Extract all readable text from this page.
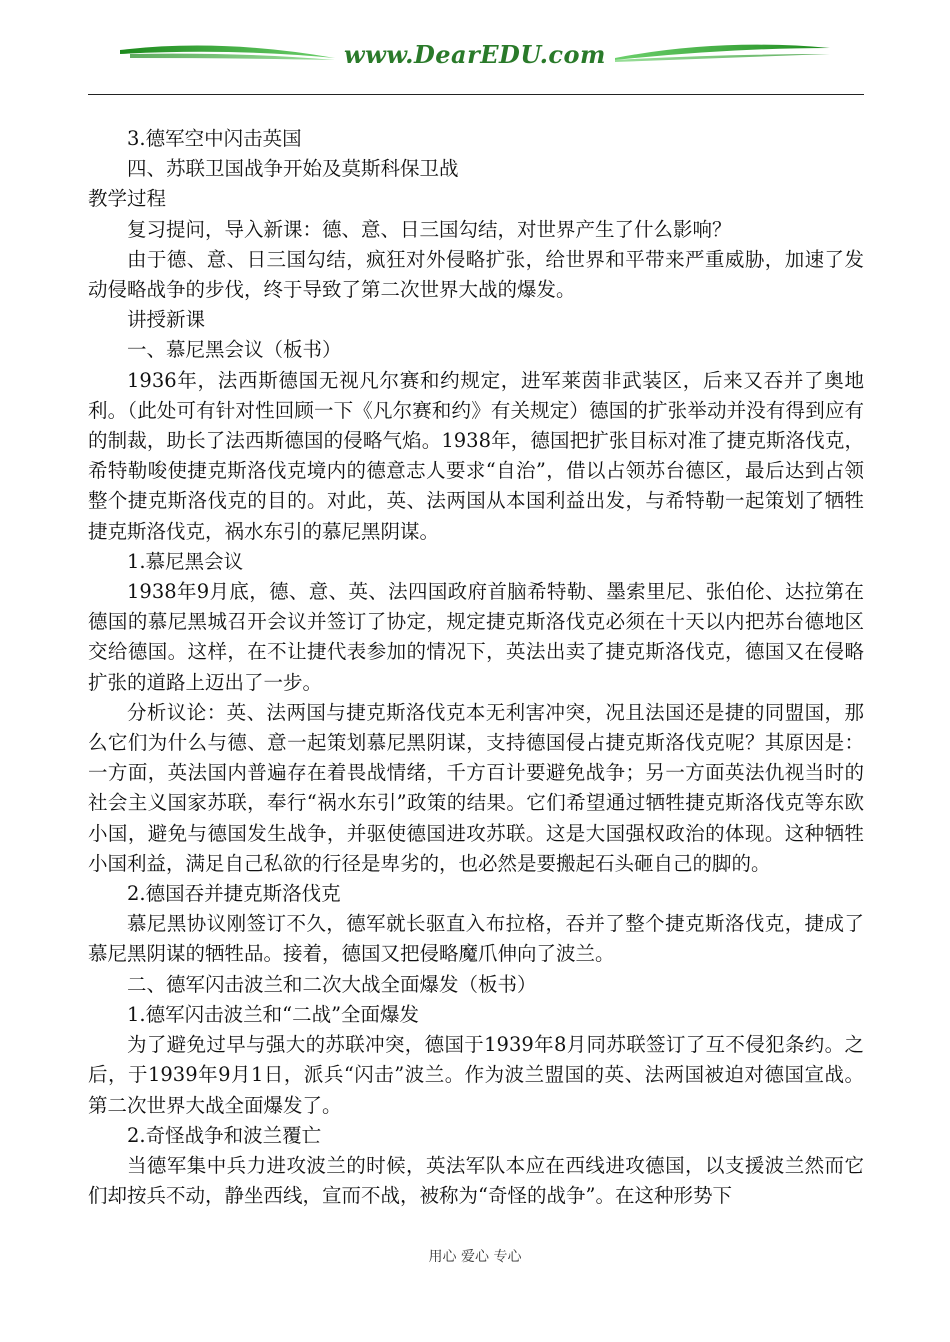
www.DearEDU.com

3.德军空中闪击英国

四、苏联卫国战争开始及莫斯科保卫战

教学过程

复习提问，导入新课：德、意、日三国勾结，对世界产生了什么影响？

由于德、意、日三国勾结，疯狂对外侵略扩张，给世界和平带来严重威胁，加速了发动侵略战争的步伐，终于导致了第二次世界大战的爆发。

讲授新课

一、慕尼黑会议（板书）

1936年，法西斯德国无视凡尔赛和约规定，进军莱茵非武装区，后来又吞并了奥地利。（此处可有针对性回顾一下《凡尔赛和约》有关规定）德国的扩张举动并没有得到应有的制裁，助长了法西斯德国的侵略气焰。1938年，德国把扩张目标对准了捷克斯洛伐克，希特勒唆使捷克斯洛伐克境内的德意志人要求“自治”，借以占领苏台德区，最后达到占领整个捷克斯洛伐克的目的。对此，英、法两国从本国利益出发，与希特勒一起策划了牺牲捷克斯洛伐克，祸水东引的慕尼黑阴谋。

1.慕尼黑会议

1938年9月底，德、意、英、法四国政府首脑希特勒、墨索里尼、张伯伦、达拉第在德国的慕尼黑城召开会议并签订了协定，规定捷克斯洛伐克必须在十天以内把苏台德地区交给德国。这样，在不让捷代表参加的情况下，英法出卖了捷克斯洛伐克，德国又在侵略扩张的道路上迈出了一步。

分析议论：英、法两国与捷克斯洛伐克本无利害冲突，况且法国还是捷的同盟国，那么它们为什么与德、意一起策划慕尼黑阴谋，支持德国侵占捷克斯洛伐克呢？其原因是：一方面，英法国内普遍存在着畏战情绪，千方百计要避免战争；另一方面英法仇视当时的社会主义国家苏联，奉行“祸水东引”政策的结果。它们希望通过牺牲捷克斯洛伐克等东欧小国，避免与德国发生战争，并驱使德国进攻苏联。这是大国强权政治的体现。这种牺牲小国利益，满足自己私欲的行径是卑劣的，也必然是要搬起石头砸自己的脚的。

2.德国吞并捷克斯洛伐克

慕尼黑协议刚签订不久，德军就长驱直入布拉格，吞并了整个捷克斯洛伐克，捷成了慕尼黑阴谋的牺牲品。接着，德国又把侵略魔爪伸向了波兰。

二、德军闪击波兰和二次大战全面爆发（板书）

1.德军闪击波兰和“二战”全面爆发

为了避免过早与强大的苏联冲突，德国于1939年8月同苏联签订了互不侵犯条约。之后，于1939年9月1日，派兵“闪击”波兰。作为波兰盟国的英、法两国被迫对德国宣战。第二次世界大战全面爆发了。

2.奇怪战争和波兰覆亡

当德军集中兵力进攻波兰的时候，英法军队本应在西线进攻德国，以支援波兰然而它们却按兵不动，静坐西线，宣而不战，被称为“奇怪的战争”。在这种形势下

用心 爱心 专心
